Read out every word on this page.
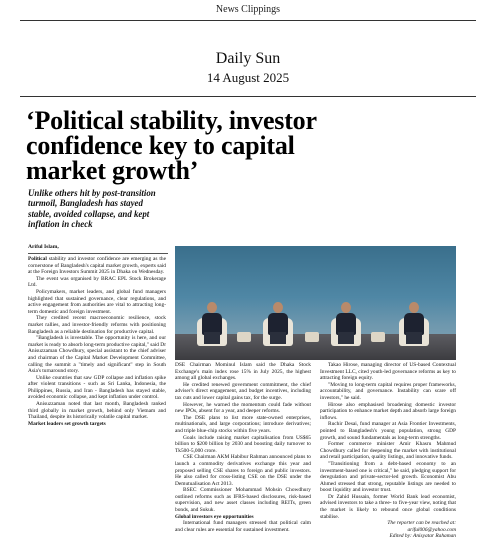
News Clippings
Daily Sun
14 August 2025
‘Political stability, investor
confidence key to capital
market growth’
Unlike others hit by post-transition turmoil, Bangladesh has stayed stable, avoided collapse, and kept inflation in check
Ariful Islam,

Political stability and investor confidence are emerging as the cornerstone of Bangladesh's capital market growth, experts said at the Foreign Investors Summit 2025 in Dhaka on Wednesday.

The event was organised by BRAC EPL Stock Brokerage Ltd.

Policymakers, market leaders, and global fund managers highlighted that sustained governance, clear regulations, and active engagement from authorities are vital to attracting long-term domestic and foreign investment.

They credited recent macroeconomic resilience, stock market rallies, and investor-friendly reforms with positioning Bangladesh as a reliable destination for productive capital.

"Bangladesh is investable. The opportunity is here, and our market is ready to absorb long-term productive capital," said Dr Anisuzzaman Chowdhury, special assistant to the chief adviser and chairman of the Capital Market Development Committee, calling the summit a "timely and significant" step in South Asia's turnaround story.

Unlike countries that saw GDP collapse and inflation spike after violent transitions - such as Sri Lanka, Indonesia, the Philippines, Russia, and Iran - Bangladesh has stayed stable, avoided economic collapse, and kept inflation under control.

Anisuzzaman noted that last month, Bangladesh ranked third globally in market growth, behind only Vietnam and Thailand, despite its historically volatile capital market.

Market leaders set growth targets

DSE Chairman Mominul Islam said the Dhaka Stock Exchange's main index rose 15% in July 2025, the highest among all global exchanges.

He credited renewed government commitment, the chief adviser's direct engagement, and budget incentives, including tax cuts and lower capital gains tax, for the surge.

However, he warned the momentum could fade without new IPOs, absent for a year, and deeper reforms.

The DSE plans to list more state-owned enterprises, multinationals, and large corporations; introduce derivatives; and triple blue-chip stocks within five years.

Goals include raising market capitalisation from US$65 billion to $200 billion by 2030 and boosting daily turnover to Tk500-5,000 crore.

CSE Chairman AKM Habibur Rahman announced plans to launch a commodity derivatives exchange this year and proposed selling CSE shares to foreign and public investors. He also called for cross-listing CSE on the DSE under the Demutualisation Act 2013.

BSEC Commissioner Mohammad Mohsin Chowdhury outlined reforms such as IFRS-based disclosures, risk-based supervision, and new asset classes including REITs, green bonds, and Sukuk.

Global investors eye opportunities

International fund managers stressed that political calm and clear rules are essential for sustained investment.

Takao Hirose, managing director of US-based Contextual Investment LLC, cited youth-led governance reforms as key to attracting foreign equity.

"Moving to long-term capital requires proper frameworks, accountability, and governance. Instability can scare off investors," he said.

Hirose also emphasised broadening domestic investor participation to enhance market depth and absorb large foreign inflows.

Ruchir Desai, fund manager at Asia Frontier Investments, pointed to Bangladesh's young population, strong GDP growth, and sound fundamentals as long-term strengths.

Former commerce minister Amir Khasru Mahmud Chowdhury called for deepening the market with institutional and retail participation, quality listings, and innovative funds.

"Transitioning from a debt-based economy to an investment-based one is critical," he said, pledging support for deregulation and private-sector-led growth. Economist Abu Ahmed stressed that strong, reputable listings are needed to boost liquidity and investor trust.

Dr Zahid Hussain, former World Bank lead economist, advised investors to take a three- to five-year view, noting that the market is likely to rebound once global conditions stabilise.

The reporter can be reached at:

ariful006@yahoo.com

Edited by: Anisyatar Rahaman
